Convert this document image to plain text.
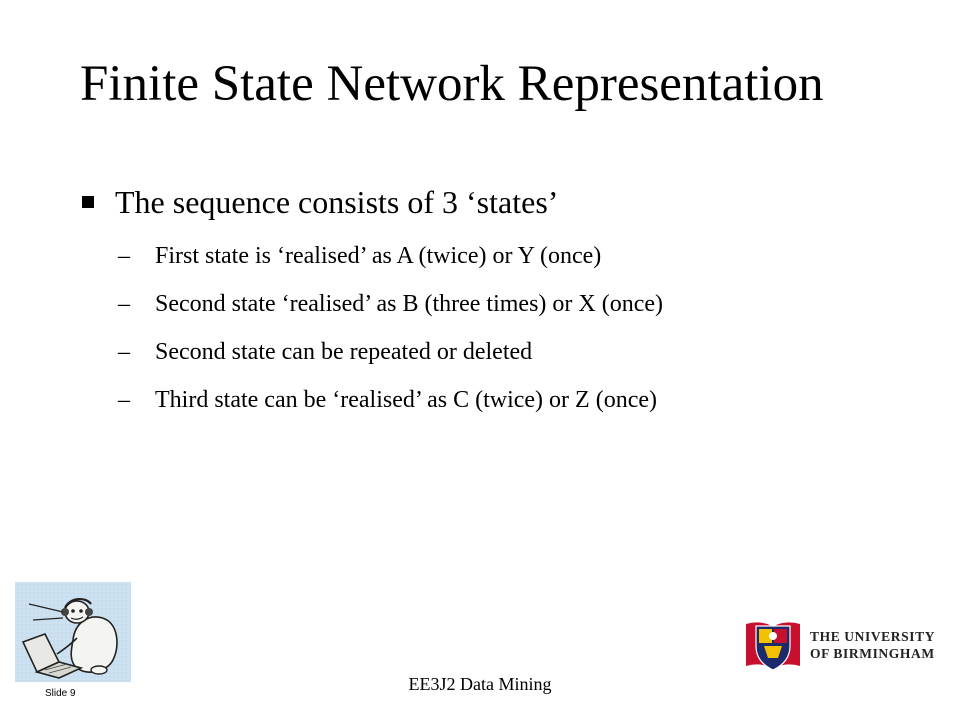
Finite State Network Representation
The sequence consists of 3 ‘states’
–	First state is ‘realised’ as A (twice) or Y (once)
–	Second state ‘realised’ as B (three times) or X (once)
–	Second state can be repeated or deleted
–	Third state can be ‘realised’ as C (twice) or Z (once)
THE UNIVERSITY
OF BIRMINGHAM
EE3J2 Data Mining
Slide 9
